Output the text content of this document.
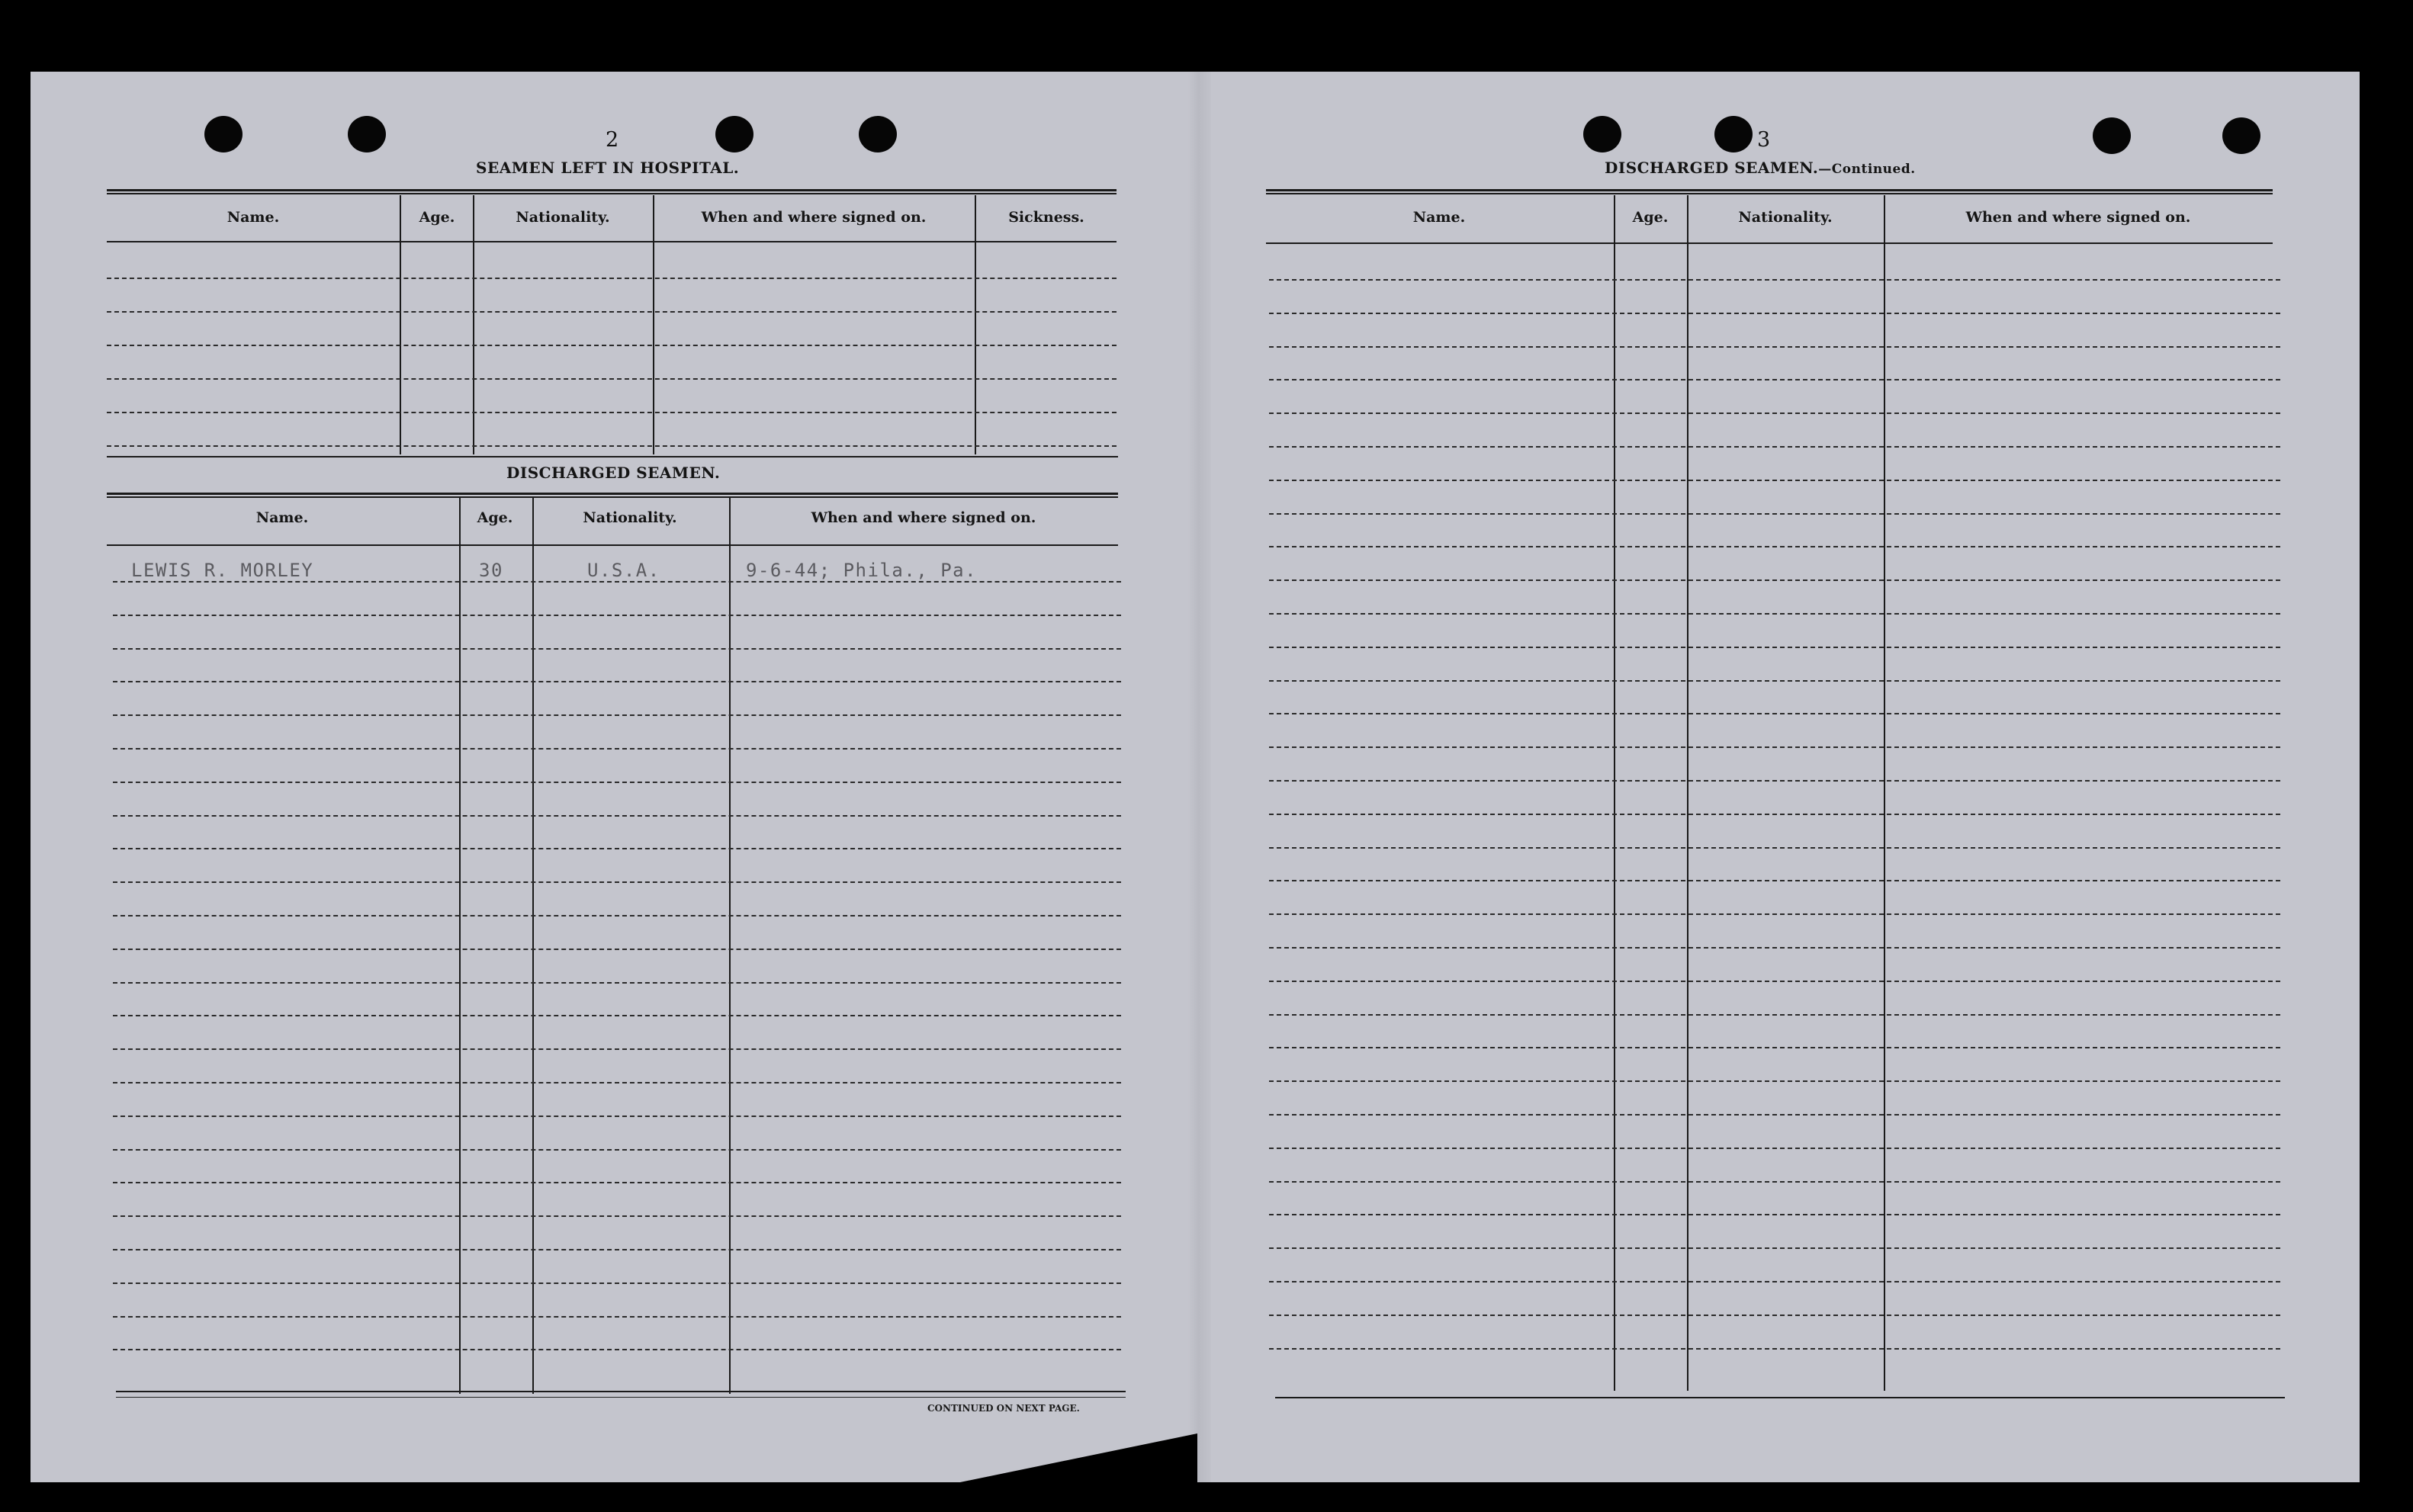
2
SEAMEN LEFT IN HOSPITAL.
Name.	Age.	Nationality.	When and where signed on.	Sickness.
DISCHARGED SEAMEN.
Name.	Age.	Nationality.	When and where signed on.
LEWIS R. MORLEY	30	U.S.A.	9-6-44; Phila., Pa.
CONTINUED ON NEXT PAGE.
3
DISCHARGED SEAMEN.—Continued.
Name.	Age.	Nationality.	When and where signed on.
